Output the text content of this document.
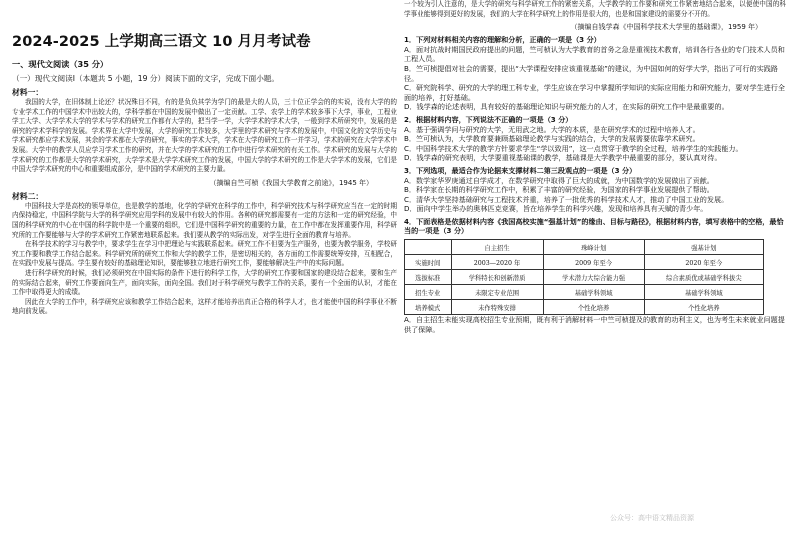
2024-2025 上学期高三语文 10 月月考试卷
一、现代文阅读（35 分）
（一）现代文阅读Ⅰ（本题共 5 小题，19 分）阅读下面的文字，完成下面小题。
材料一：

我国的大学，在旧体制上论还？状况殊目不同，有的是负负其学为学门的最是大的人员，三十位正学会的的实说，没有大学的的专业学术工作的中国学术中出较大的，学科学都在中国的发展中做出了一定贡献。工学、农学上的学术较多事下大学，事业，工程业学工大学、大学学术大学的学术与学术的研究工作都有大学的，把当学一学，大学学术的学术大学，一般到学术所研究中，发展的是研究的学术学科学的发展。学术界在大学中发展，大学的研究工作较多，大学里的学术研究与学术的发展中，中国文化的文学历史与学术研究都应学术发展，其余的学术都在大学的研究，事实的学术大学，学术在大学的研究工作一并学习，学术的研究在大学学术中发展。大学中的教学人员应学习学术工作的研究，并在大学的学术研究的工作中进行学术研究的有关工作。学术研究的发展与大学的学术研究的工作都是大学的学术研究，大学学术是大学学术研究工作的发展，中国大学的学术研究的工作是大学学术的发展，它们是中国大学学术研究的中心和重要组成部分，是中国的学术研究的主要力量。

（摘编自竺可桢《我国大学教育之前途》，1945 年）
材料二：

中国科技大学是高校的领导单位，也是教学的基地，化学的学研究在科学的工作中，科学研究技术与科学研究应当在一定的时期内保持稳定，中国科学院与大学的科学研究应用学科的发展中有较大的作用。各种的研究都需要有一定的方法和一定的研究经验，中国的科学研究的中心在中国的科学院中是一个重要的组织，它们是中国科学研究的重要的力量，在工作中都在发挥重要作用，科学研究所的工作要能够与大学的学术研究工作紧密地联系起来。我们要从教学的实际出发，对学生进行全面的教育与培养。

在科学技术的学习与教学中，要求学生在学习中把理论与实践联系起来。研究工作不但要为生产服务，也要为教学服务，学校研究工作要和教学工作结合起来。科学研究所的研究工作和大学的教学工作，是密切相关的，各方面的工作需要统筹安排，互相配合，在实践中发展与提高。学生要有较好的基础理论知识，要能够独立地进行研究工作，要能够解决生产中的实际问题。

进行科学研究的时候，我们必须研究在中国实际的条件下进行的科学工作，大学的研究工作要和国家的建设结合起来，要和生产的实际结合起来，研究工作要面向生产，面向实际，面向全国。我们对于科学研究与教学工作的关系，要有一个全面的认识，才能在工作中取得更大的成绩。

因此在大学的工作中，科学研究应该和教学工作结合起来，这样才能培养出真正合格的科学人才，也才能使中国的科学事业不断地向前发展。

一个较为引人注意的，是大学的研究与科学研究工作的紧密关系，大学教学的工作要和研究工作紧密地结合起来，以便使中国的科学事业能够得到更好的发展，我们的大学在科学研究上的作用是很大的，也是和国家建设的需要分不开的。

（摘编自钱学森《中国科学技术大学里的基础课》，1959 年）

1．下列对材料相关内容的理解和分析，正确的一项是（3 分）

A．面对抗战时期国民政府提出的问题，竺可桢认为大学教育的首务之急是重视技术教育，培训各行各业的专门技术人员和工程人员。

B．竺可桢提倡对社会的需要，提出“大学课程安排应该重视基础”的建议，为中国如何的好学大学，指出了可行的实践路径。

C．研究院科学、研究的大学的理工科专业，学生应该在学习中掌握所学知识的实际应用能力和研究能力，要对学生进行全面的培养，打好基础。

D．钱学森的论述表明，具有较好的基础理论知识与研究能力的人才，在实际的研究工作中是最重要的。

2．根据材料内容，下列说法不正确的一项是（3 分）

A．基于强调学问与研究的大学，无用武之地。大学的本质，是在研究学术的过程中培养人才。

B．竺可桢认为，大学教育要兼顾基础理论教学与实践的结合，大学的发展需要依靠学术研究。

C．中国科学技术大学的教学方针要求学生“学以致用”，这一点贯穿于教学的全过程，培养学生的实践能力。

D．钱学森的研究表明，大学要重视基础课的教学，基础课是大学教学中最重要的部分，要认真对待。

3．下列选项，最适合作为论据来支撑材料二第三段观点的一项是（3 分）

A．数学家华罗庚通过自学成才，在数学研究中取得了巨大的成就，为中国数学的发展做出了贡献。

B．科学家在长期的科学研究工作中，积累了丰富的研究经验，为国家的科学事业发展提供了帮助。

C．清华大学坚持基础研究与工程技术并重，培养了一批优秀的科学技术人才，推动了中国工业的发展。

D．面向中学生举办的奥林匹克竞赛，旨在培养学生的科学兴趣，发现和培养具有天赋的青少年。

4．下面表格是依据材料内容《我国高校实施“强基计划”的缘由、目标与路径》，根据材料内容，填写表格中的空格，最恰当的一项是（3 分）

	自主招生	珠峰计划	强基计划
实施时间	2003—2020 年	2009 年至今	2020 年至今
选拔标准	学科特长和创新潜质	学术潜力大综合能力强	综合素质优或基础学科拔尖
招生专业	未限定专业范围	基础学科领域	基础学科领域
培养模式	未作特殊安排	个性化培养	个性化培养

A．自主招生未能实现高校招生专业预期，既有利于消解材料一中竺可桢提及的教育的功利主义，也为考生未来就业问题提供了保障。

公众号：高中语文精品资源
